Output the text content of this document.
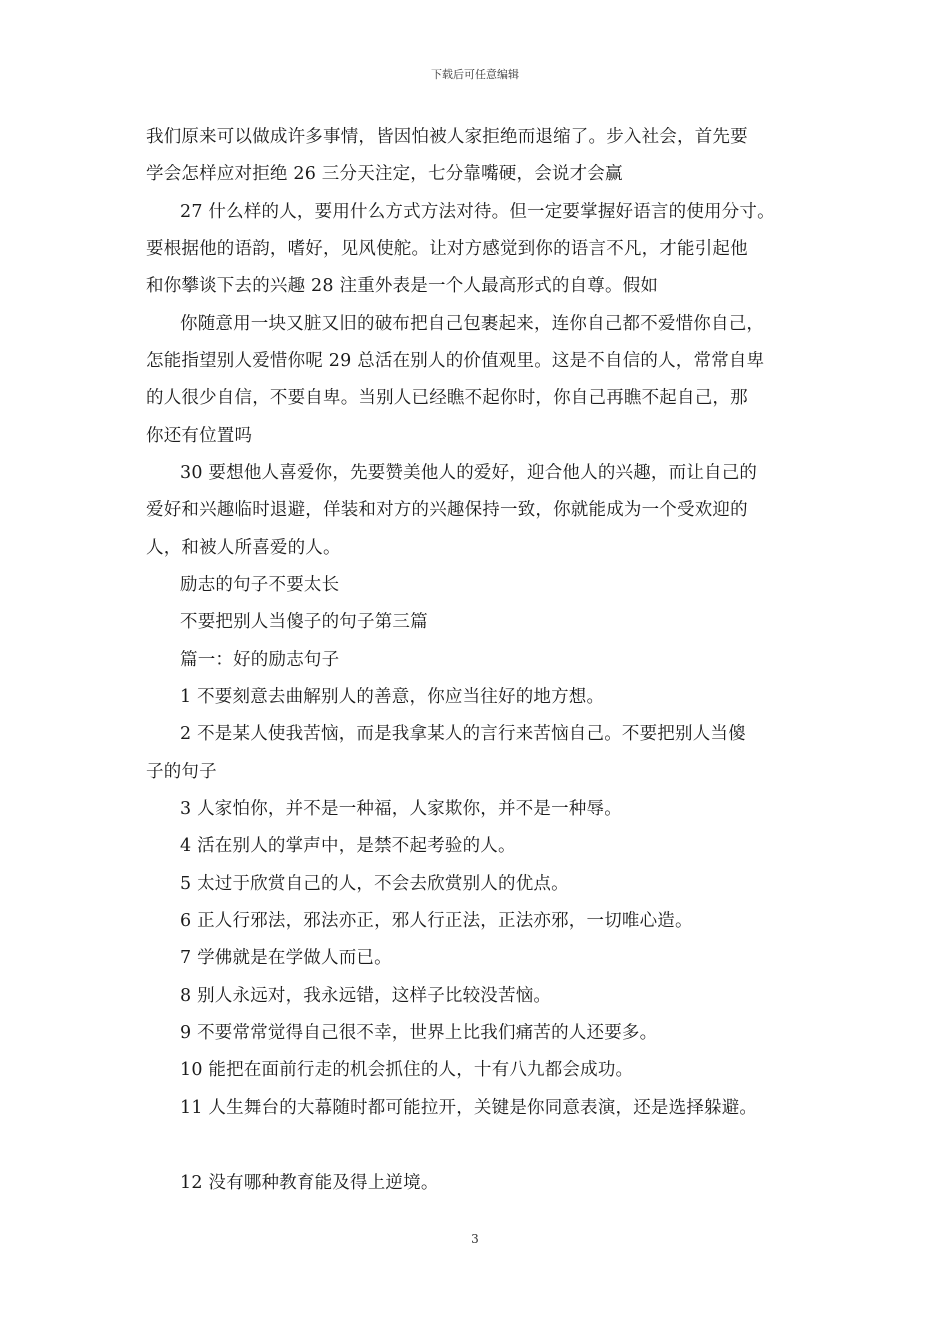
下载后可任意编辑
我们原来可以做成许多事情，皆因怕被人家拒绝而退缩了。步入社会，首先要
学会怎样应对拒绝 26 三分天注定，七分靠嘴硬，会说才会赢
27 什么样的人，要用什么方式方法对待。但一定要掌握好语言的使用分寸。
要根据他的语韵，嗜好，见风使舵。让对方感觉到你的语言不凡，才能引起他
和你攀谈下去的兴趣 28 注重外表是一个人最高形式的自尊。假如
你随意用一块又脏又旧的破布把自己包裹起来，连你自己都不爱惜你自己，
怎能指望别人爱惜你呢 29 总活在别人的价值观里。这是不自信的人，常常自卑
的人很少自信，不要自卑。当别人已经瞧不起你时，你自己再瞧不起自己，那
你还有位置吗
30 要想他人喜爱你，先要赞美他人的爱好，迎合他人的兴趣，而让自己的
爱好和兴趣临时退避，佯装和对方的兴趣保持一致，你就能成为一个受欢迎的
人，和被人所喜爱的人。
励志的句子不要太长
不要把别人当傻子的句子第三篇
篇一：好的励志句子
1 不要刻意去曲解别人的善意，你应当往好的地方想。
2 不是某人使我苦恼，而是我拿某人的言行来苦恼自己。不要把别人当傻
子的句子
3 人家怕你，并不是一种福，人家欺你，并不是一种辱。
4 活在别人的掌声中，是禁不起考验的人。
5 太过于欣赏自己的人，不会去欣赏别人的优点。
6 正人行邪法，邪法亦正，邪人行正法，正法亦邪，一切唯心造。
7 学佛就是在学做人而已。
8 别人永远对，我永远错，这样子比较没苦恼。
9 不要常常觉得自己很不幸，世界上比我们痛苦的人还要多。
10 能把在面前行走的机会抓住的人，十有八九都会成功。
11 人生舞台的大幕随时都可能拉开，关键是你同意表演，还是选择躲避。
12 没有哪种教育能及得上逆境。
3
